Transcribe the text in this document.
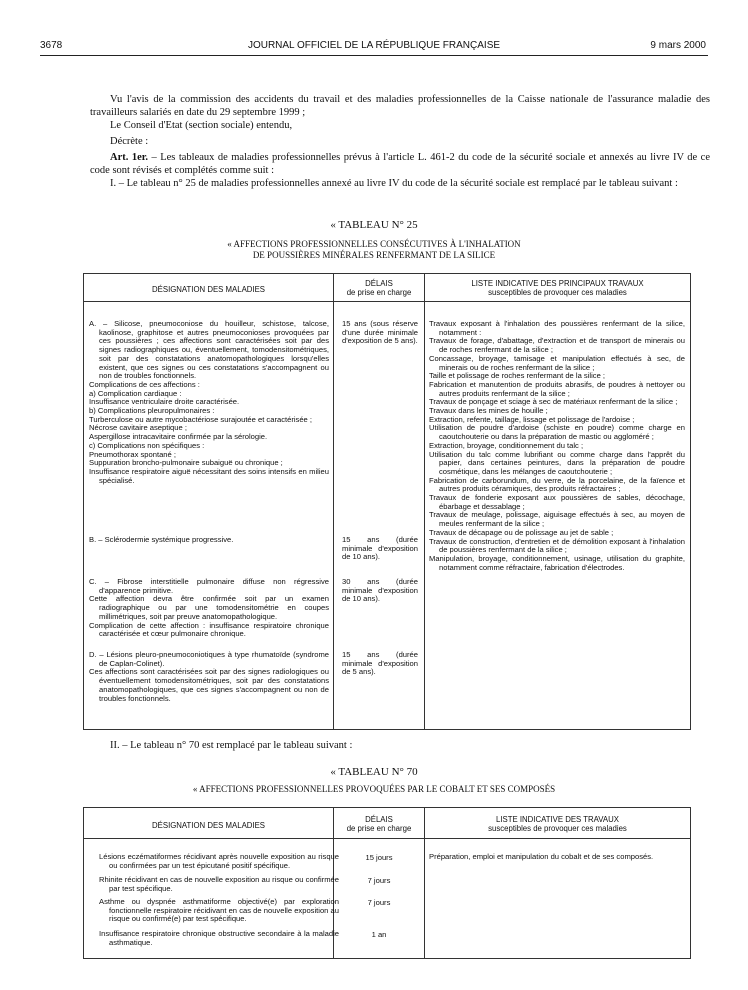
3678	JOURNAL OFFICIEL DE LA RÉPUBLIQUE FRANÇAISE	9 mars 2000
Vu l'avis de la commission des accidents du travail et des maladies professionnelles de la Caisse nationale de l'assurance maladie des travailleurs salariés en date du 29 septembre 1999 ;
Le Conseil d'Etat (section sociale) entendu,
Décrète :
Art. 1er. – Les tableaux de maladies professionnelles prévus à l'article L. 461-2 du code de la sécurité sociale et annexés au livre IV de ce code sont révisés et complétés comme suit :
I. – Le tableau n° 25 de maladies professionnelles annexé au livre IV du code de la sécurité sociale est remplacé par le tableau suivant :
« TABLEAU N° 25
« AFFECTIONS PROFESSIONNELLES CONSÉCUTIVES À L'INHALATION
DE POUSSIÈRES MINÉRALES RENFERMANT DE LA SILICE
DÉSIGNATION DES MALADIES
DÉLAIS
de prise en charge
LISTE INDICATIVE DES PRINCIPAUX TRAVAUX
susceptibles de provoquer ces maladies
A. – Silicose, pneumoconiose du houilleur, schistose, talcose, kaolinose, graphitose et autres pneumoconioses provoquées par ces poussières ; ces affections sont caractérisées soit par des signes radiographiques ou, éventuellement, tomodensitométriques, soit par des constatations anatomopathologiques lorsqu'elles existent, que ces signes ou ces constatations s'accompagnent ou non de troubles fonctionnels.
Complications de ces affections :
a) Complication cardiaque :
Insuffisance ventriculaire droite caractérisée.
b) Complications pleuropulmonaires :
Turberculose ou autre mycobactériose surajoutée et caractérisée ;
Nécrose cavitaire aseptique ;
Aspergillose intracavitaire confirmée par la sérologie.
c) Complications non spécifiques :
Pneumothorax spontané ;
Suppuration broncho-pulmonaire subaiguë ou chronique ;
Insuffisance respiratoire aiguë nécessitant des soins intensifs en milieu spécialisé.
B. – Sclérodermie systémique progressive.
C. – Fibrose interstitielle pulmonaire diffuse non régressive d'apparence primitive.
Cette affection devra être confirmée soit par un examen radiographique ou par une tomodensitométrie en coupes millimétriques, soit par preuve anatomopathologique.
Complication de cette affection : insuffisance respiratoire chronique caractérisée et cœur pulmonaire chronique.
D. – Lésions pleuro-pneumoconiotiques à type rhumatoïde (syndrome de Caplan-Colinet).
Ces affections sont caractérisées soit par des signes radiologiques ou éventuellement tomodensitométriques, soit par des constatations anatomopathologiques, que ces signes s'accompagnent ou non de troubles fonctionnels.
15 ans (sous réserve d'une durée minimale d'exposition de 5 ans).
15 ans (durée minimale d'exposition de 10 ans).
30 ans (durée minimale d'exposition de 10 ans).
15 ans (durée minimale d'exposition de 5 ans).
Travaux exposant à l'inhalation des poussières renfermant de la silice, notamment :
Travaux de forage, d'abattage, d'extraction et de transport de minerais ou de roches renfermant de la silice ;
Concassage, broyage, tamisage et manipulation effectués à sec, de minerais ou de roches renfermant de la silice ;
Taille et polissage de roches renfermant de la silice ;
Fabrication et manutention de produits abrasifs, de poudres à nettoyer ou autres produits renfermant de la silice ;
Travaux de ponçage et sciage à sec de matériaux renfermant de la silice ;
Travaux dans les mines de houille ;
Extraction, refente, taillage, lissage et polissage de l'ardoise ;
Utilisation de poudre d'ardoise (schiste en poudre) comme charge en caoutchouterie ou dans la préparation de mastic ou aggloméré ;
Extraction, broyage, conditionnement du talc ;
Utilisation du talc comme lubrifiant ou comme charge dans l'apprêt du papier, dans certaines peintures, dans la préparation de poudre cosmétique, dans les mélanges de caoutchouterie ;
Fabrication de carborundum, du verre, de la porcelaine, de la faïence et autres produits céramiques, des produits réfractaires ;
Travaux de fonderie exposant aux poussières de sables, décochage, ébarbage et dessablage ;
Travaux de meulage, polissage, aiguisage effectués à sec, au moyen de meules renfermant de la silice ;
Travaux de décapage ou de polissage au jet de sable ;
Travaux de construction, d'entretien et de démolition exposant à l'inhalation de poussières renfermant de la silice ;
Manipulation, broyage, conditionnement, usinage, utilisation du graphite, notamment comme réfractaire, fabrication d'électrodes.
II. – Le tableau n° 70 est remplacé par le tableau suivant :
« TABLEAU N° 70
« AFFECTIONS PROFESSIONNELLES PROVOQUÉES PAR LE COBALT ET SES COMPOSÉS
DÉSIGNATION DES MALADIES
DÉLAIS
de prise en charge
LISTE INDICATIVE DES TRAVAUX
susceptibles de provoquer ces maladies
Lésions eczématiformes récidivant après nouvelle exposition au risque ou confirmées par un test épicutané positif spécifique.
Rhinite récidivant en cas de nouvelle exposition au risque ou confirmée par test spécifique.
Asthme ou dyspnée asthmatiforme objectivé(e) par exploration fonctionnelle respiratoire récidivant en cas de nouvelle exposition au risque ou confirmé(e) par test spécifique.
Insuffisance respiratoire chronique obstructive secondaire à la maladie asthmatique.
15 jours
7 jours
7 jours
1 an
Préparation, emploi et manipulation du cobalt et de ses composés.
